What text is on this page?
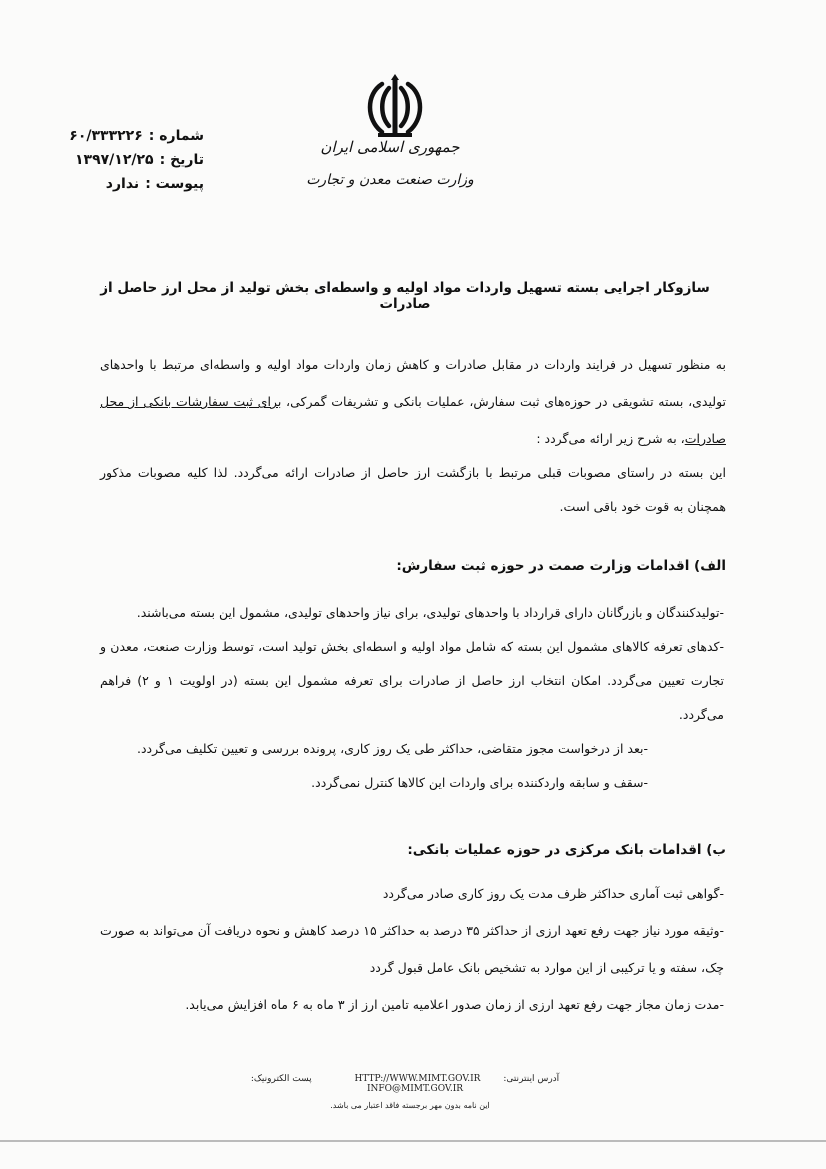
جمهوری اسلامی ایران
وزارت صنعت معدن و تجارت
شماره :۶۰/۳۳۳۲۲۶
تاریخ :۱۳۹۷/۱۲/۲۵
پیوست :ندارد
سازوکار اجرایی بسته تسهیل واردات مواد اولیه و واسطه‌ای بخش تولید از محل ارز حاصل از صادرات
به منظور تسهیل در فرایند واردات در مقابل صادرات و کاهش زمان واردات مواد اولیه و واسطه‌ای مرتبط با واحدهای تولیدی، بسته تشویقی در حوزه‌های ثبت سفارش، عملیات بانکی و تشریفات گمرکی، برای ثبت سفارشات بانکی از محل صادرات، به شرح زیر ارائه می‌گردد :
این بسته در راستای مصوبات قبلی مرتبط با بازگشت ارز حاصل از صادرات ارائه می‌گردد. لذا کلیه مصوبات مذکور همچنان به قوت خود باقی است.
الف) اقدامات وزارت صمت در حوزه ثبت سفارش:
-تولیدکنندگان و بازرگانان دارای قرارداد با واحدهای تولیدی، برای نیاز واحدهای تولیدی، مشمول این بسته می‌باشند.
-کدهای تعرفه کالاهای مشمول این بسته که شامل مواد اولیه و اسطه‌ای بخش تولید است، توسط وزارت صنعت، معدن و تجارت تعیین می‌گردد. امکان انتخاب ارز حاصل از صادرات برای تعرفه مشمول این بسته (در اولویت ۱ و ۲) فراهم می‌گردد.
-بعد از درخواست مجوز متقاضی، حداکثر طی یک روز کاری، پرونده بررسی و تعیین تکلیف می‌گردد.
-سقف و سابقه واردکننده برای واردات این کالاها کنترل نمی‌گردد.
ب) اقدامات بانک مرکزی در حوزه عملیات بانکی:
-گواهی ثبت آماری حداکثر ظرف مدت یک روز کاری صادر می‌گردد
-وثیقه مورد نیاز جهت رفع تعهد ارزی از حداکثر ۳۵ درصد به حداکثر ۱۵ درصد کاهش و نحوه دریافت آن می‌تواند به صورت چک، سفته و یا ترکیبی از این موارد به تشخیص بانک عامل قبول گردد
-مدت زمان مجاز جهت رفع تعهد ارزی از زمان صدور اعلامیه تامین ارز از ۳ ماه به ۶ ماه افزایش می‌یابد.
آدرس اینترنتی: HTTP://WWW.MIMT.GOV.IR پست الکترونیک: INFO@MIMT.GOV.IR
این نامه بدون مهر برجسته فاقد اعتبار می باشد.
